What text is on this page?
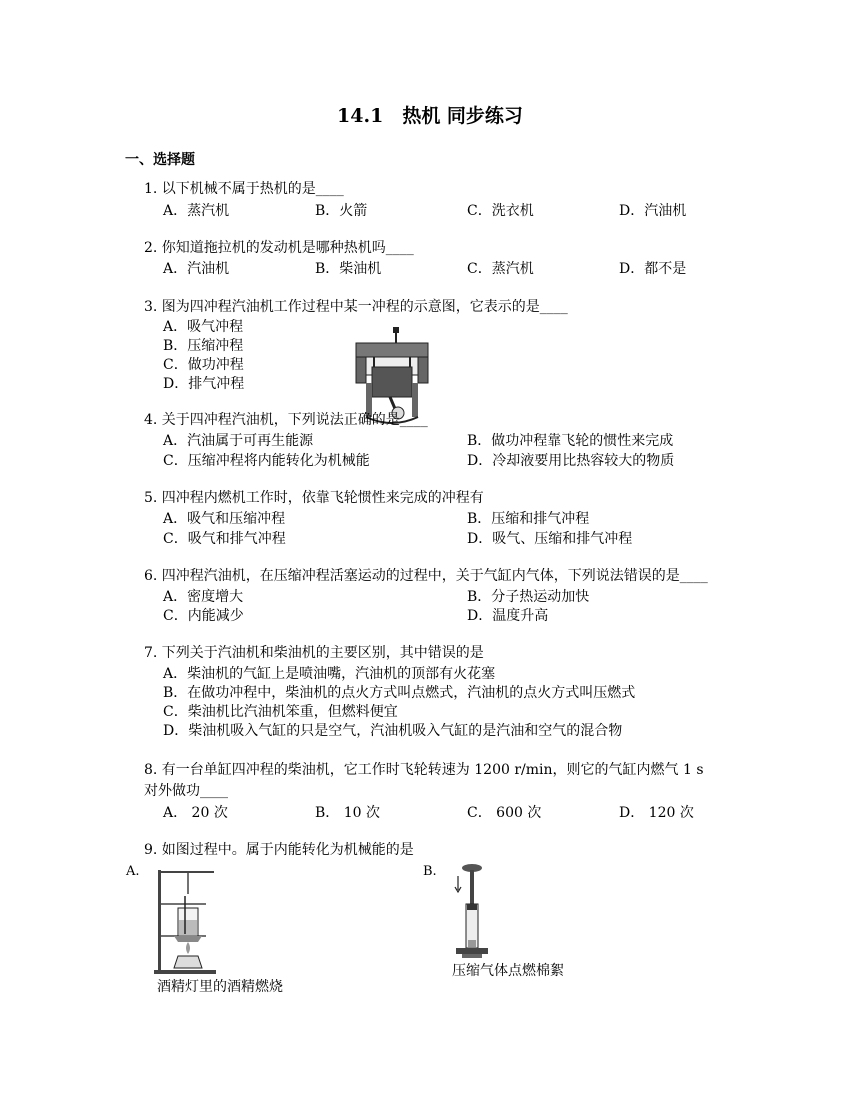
14.1　热机 同步练习
一、选择题
1. 以下机械不属于热机的是____
A．蒸汽机	B．火箭	C．洗衣机	D．汽油机
2. 你知道拖拉机的发动机是哪种热机吗____
A．汽油机	B．柴油机	C．蒸汽机	D．都不是
3. 图为四冲程汽油机工作过程中某一冲程的示意图，它表示的是____
A．吸气冲程
B．压缩冲程
C．做功冲程
D．排气冲程
4. 关于四冲程汽油机，下列说法正确的是____
A．汽油属于可再生能源	B．做功冲程靠飞轮的惯性来完成
C．压缩冲程将内能转化为机械能	D．冷却液要用比热容较大的物质
5. 四冲程内燃机工作时，依靠飞轮惯性来完成的冲程有
A．吸气和压缩冲程	B．压缩和排气冲程
C．吸气和排气冲程	D．吸气、压缩和排气冲程
6. 四冲程汽油机，在压缩冲程活塞运动的过程中，关于气缸内气体，下列说法错误的是____
A．密度增大	B．分子热运动加快
C．内能减少	D．温度升高
7. 下列关于汽油机和柴油机的主要区别，其中错误的是
A．柴油机的气缸上是喷油嘴，汽油机的顶部有火花塞
B．在做功冲程中，柴油机的点火方式叫点燃式，汽油机的点火方式叫压燃式
C．柴油机比汽油机笨重，但燃料便宜
D．柴油机吸入气缸的只是空气，汽油机吸入气缸的是汽油和空气的混合物
8. 有一台单缸四冲程的柴油机，它工作时飞轮转速为 1200 r/min，则它的气缸内燃气 1 s
对外做功____
A． 20 次	B． 10 次	C． 600 次	D． 120 次
9. 如图过程中。属于内能转化为机械能的是
A.	B.
酒精灯里的酒精燃烧
压缩气体点燃棉絮
